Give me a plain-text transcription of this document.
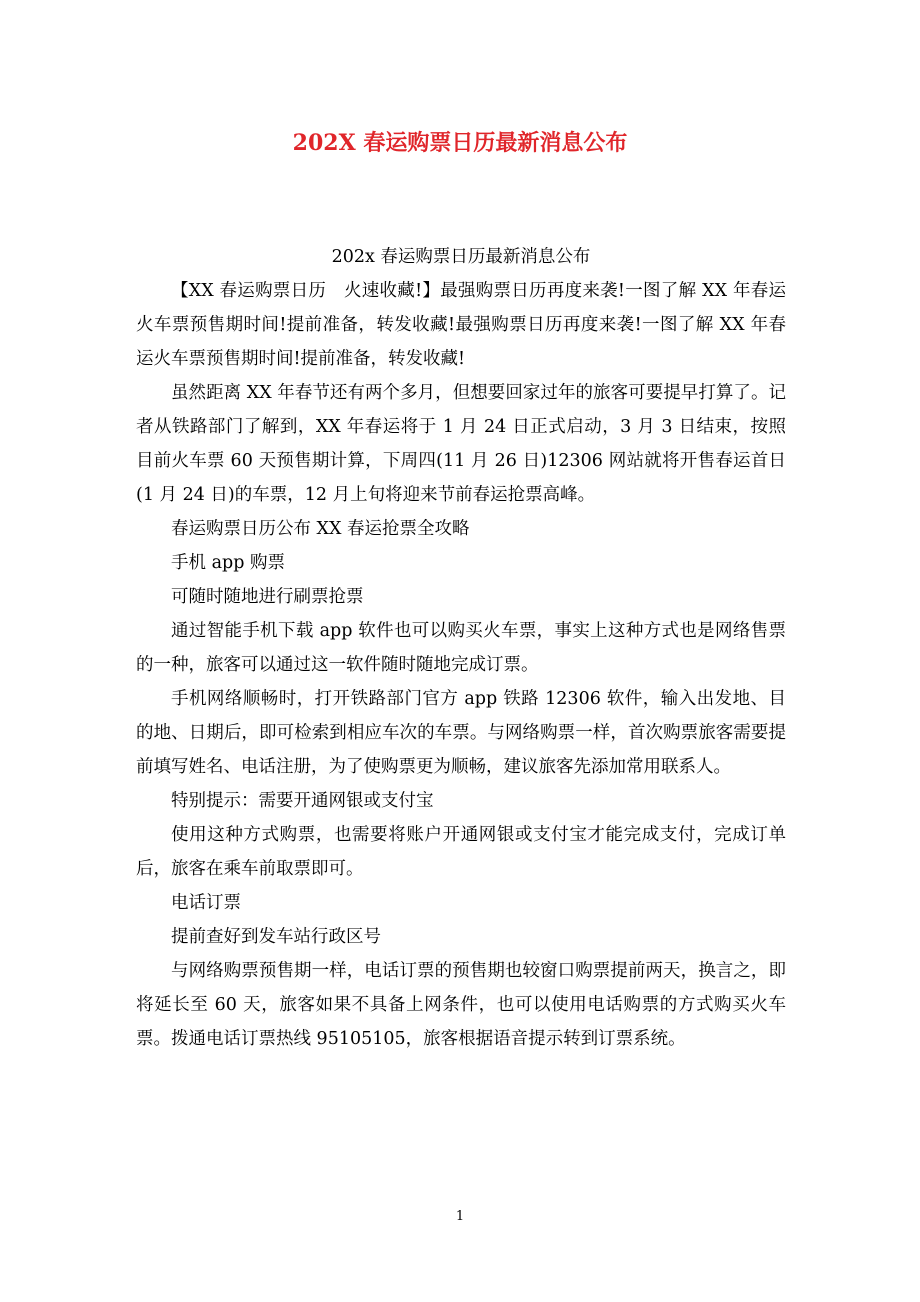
202X 春运购票日历最新消息公布
202x 春运购票日历最新消息公布

【XX 春运购票日历　火速收藏!】最强购票日历再度来袭!一图了解 XX 年春运火车票预售期时间!提前准备，转发收藏!最强购票日历再度来袭!一图了解 XX 年春运火车票预售期时间!提前准备，转发收藏!

虽然距离 XX 年春节还有两个多月，但想要回家过年的旅客可要提早打算了。记者从铁路部门了解到，XX 年春运将于 1 月 24 日正式启动，3 月 3 日结束，按照目前火车票 60 天预售期计算，下周四(11 月 26 日)12306 网站就将开售春运首日(1 月 24 日)的车票，12 月上旬将迎来节前春运抢票高峰。

春运购票日历公布 XX 春运抢票全攻略

手机 app 购票

可随时随地进行刷票抢票

通过智能手机下载 app 软件也可以购买火车票，事实上这种方式也是网络售票的一种，旅客可以通过这一软件随时随地完成订票。

手机网络顺畅时，打开铁路部门官方 app 铁路 12306 软件，输入出发地、目的地、日期后，即可检索到相应车次的车票。与网络购票一样，首次购票旅客需要提前填写姓名、电话注册，为了使购票更为顺畅，建议旅客先添加常用联系人。

特别提示：需要开通网银或支付宝

使用这种方式购票，也需要将账户开通网银或支付宝才能完成支付，完成订单后，旅客在乘车前取票即可。

电话订票

提前查好到发车站行政区号

与网络购票预售期一样，电话订票的预售期也较窗口购票提前两天，换言之，即将延长至 60 天，旅客如果不具备上网条件，也可以使用电话购票的方式购买火车票。拨通电话订票热线 95105105，旅客根据语音提示转到订票系统。

1
